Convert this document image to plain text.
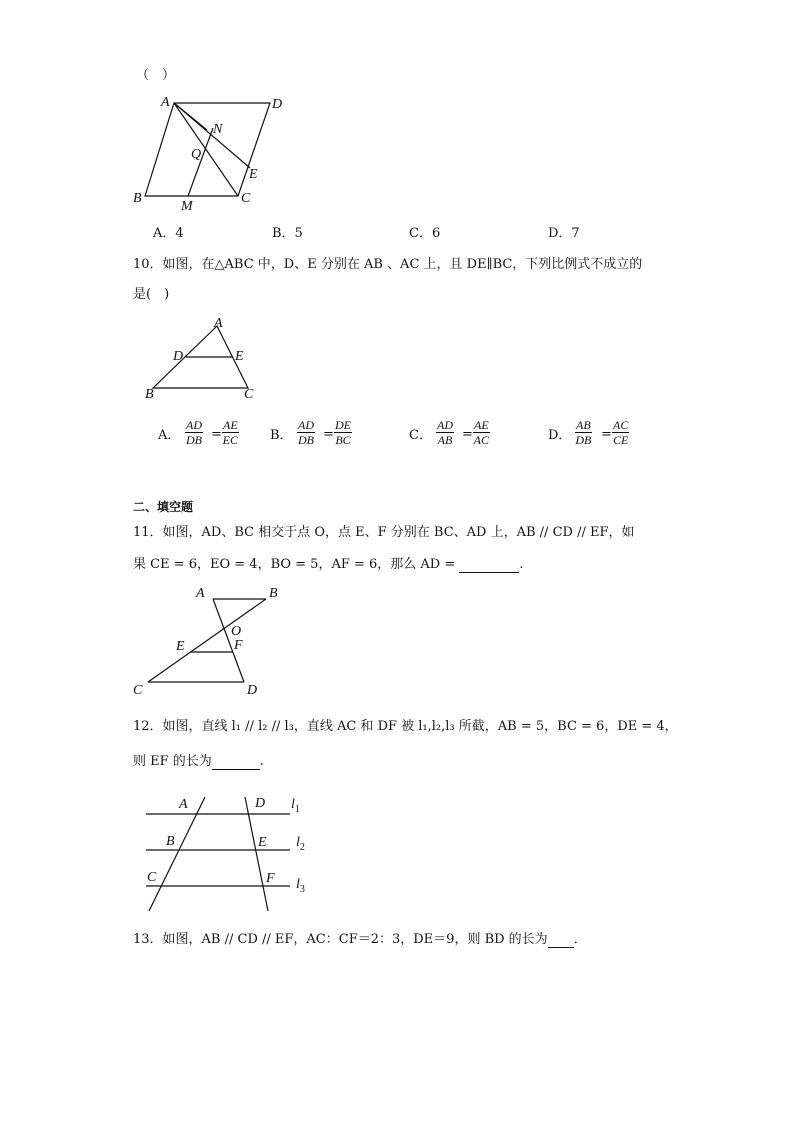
（　）
A	D
N
Q
E
B
M
C
A．4	B．5	C．6	D．7
10．如图，在△ABC 中，D、E 分别在 AB 、AC 上，且 DE∥BC，下列比例式不成立的
是(　)
A
D	E
B	C
A． $\frac{AD}{DB} = \frac{AE}{EC}$ B． $\frac{AD}{DB} = \frac{DE}{BC}$	C． $\frac{AD}{AB} = \frac{AE}{AC}$	D． $\frac{AB}{DB} = \frac{AC}{CE}$
二、填空题
11．如图，AD、BC 相交于点 O，点 E、F 分别在 BC、AD 上，AB // CD // EF，如
果 CE = 6，EO = 4，BO = 5，AF = 6，那么 AD =	.
A	B
O
E	F
C	D
12．如图，直线 l₁ // l₂ // l₃，直线 AC 和 DF 被 l₁,l₂,l₃ 所截，AB = 5，BC = 6，DE = 4，
则 EF 的长为	.
A	D $l_1$
B	E $l_2$
C	F $l_3$
13．如图，AB // CD // EF，AC：CF＝2：3，DE＝9，则 BD 的长为 ．
